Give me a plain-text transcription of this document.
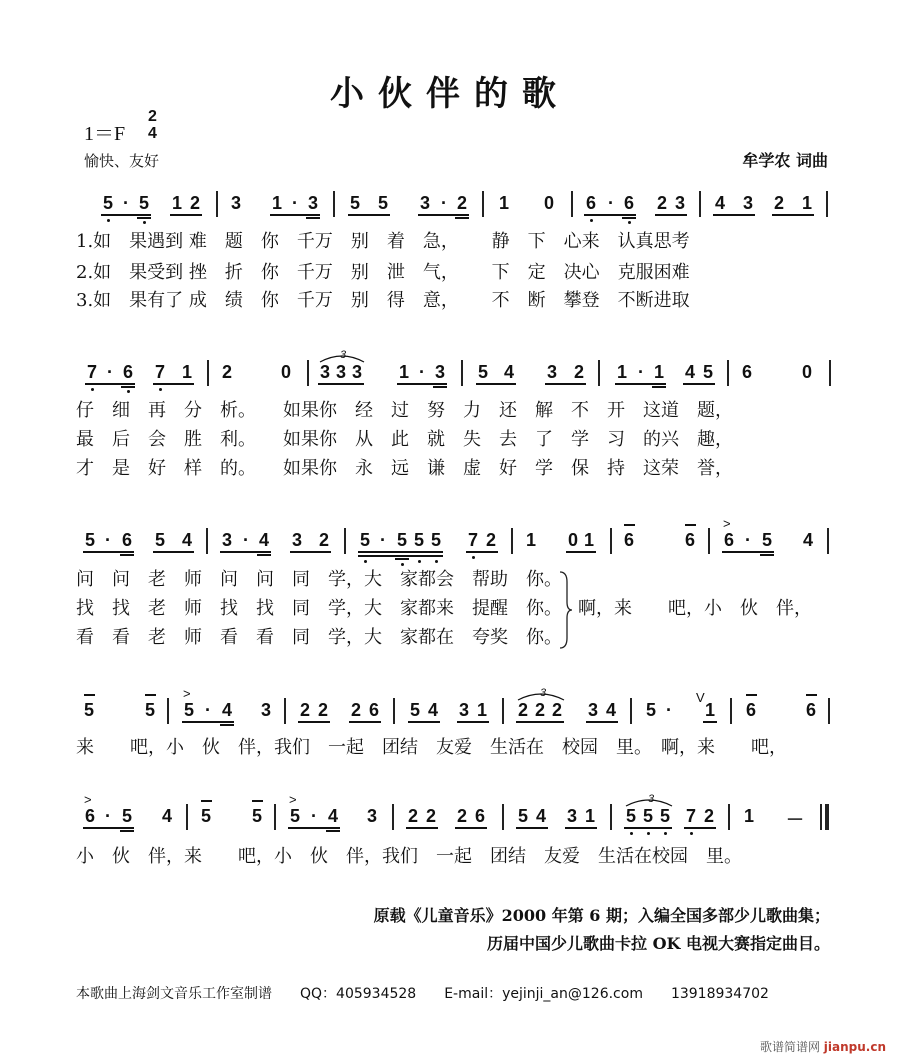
小伙伴的歌
1＝F
2
4
愉快、友好	牟学农 词曲
5 · 5 1 2 3 1 · 3 5 5 3 · 2 1 0 6 · 6 2 3 4 3 2 1
1.如　果遇到 难　题　你　千万　别　着　急，　　 静　下　心来　认真思考
2.如　果受到 挫　折　你　千万　别　泄　气，　　 下　定　决心　克服困难
3.如　果有了 成　绩　你　千万　别　得　意，　　 不　断　攀登　不断进取
7 · 6 7 1 2	0
3
3 3 3 1 · 3 5 4 3 2 1 · 1 4 5 6	0
仔　细　再　分　析。　　如果你　经　过　努　力　还　解　不　开　这道　题，
最　后　会　胜　利。　　如果你　从　此　就　失　去　了　学　习　的兴　趣，
才　是　好　样　的。　　如果你　永　远　谦　虚　好　学　保　持　这荣　誉，
5 · 6 5 4 3 · 4 3 2 5 · 5 5 5 7 2 1 0 1 6	6
>
6 · 5 4
问　问　老　师　问　问　同　学，大　家都会　帮助　你。
找　找　老　师　找　找　同　学，大　家都来　提醒　你。
看　看　老　师　看　看　同　学，大　家都在　夸奖　你。
啊，来　　吧，小　伙　伴，
5	5
>
5 · 4 3 2 2 2 6 5 4 3 1
3
2 2 2 3 4 5 ·
V
1 6	6
来　　吧，小　伙　伴，我们　一起　团结　友爱　生活在　校园　里。　啊，来　　吧，
>
6 · 5 4 5 5
>
5 · 4 3 2 2 2 6 5 4 3 1
3
5 5 5 7 2 1 －
小　伙　伴，来　　吧，小　伙　伴，我们　一起　团结　友爱　生活在校园　里。
原载《儿童音乐》2000 年第 6 期；入编全国多部少儿歌曲集；
历届中国少儿歌曲卡拉 OK 电视大赛指定曲目。
本歌曲上海剑文音乐工作室制谱　　QQ：405934528　　E-mail：yejinji_an@126.com　　13918934702
歌谱简谱网 jianpu.cn
